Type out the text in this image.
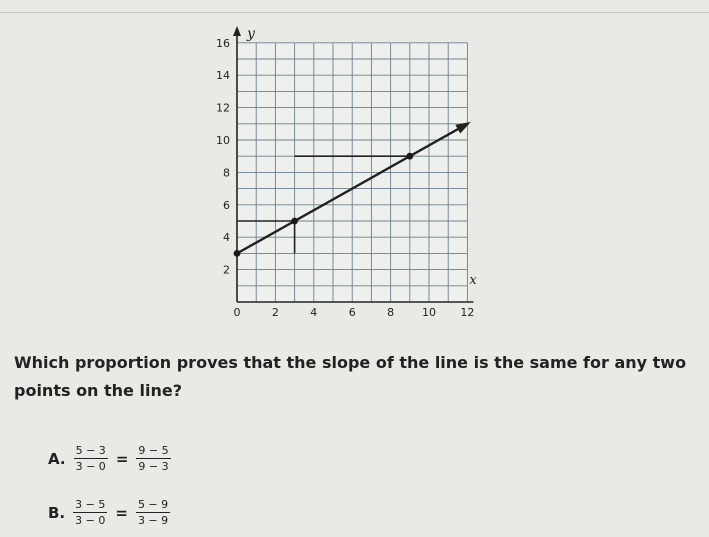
16
14
12
10
8
6
4
2
0	2	4	6	8	10 12
y
x
Which proportion proves that the slope of the line is the same for any two points on the line?
A. $\frac{5 - 3}{3 - 0} = \frac{9 - 5}{9 - 3}$
B. $\frac{3 - 5}{3 - 0} = \frac{5 - 9}{3 - 9}$
